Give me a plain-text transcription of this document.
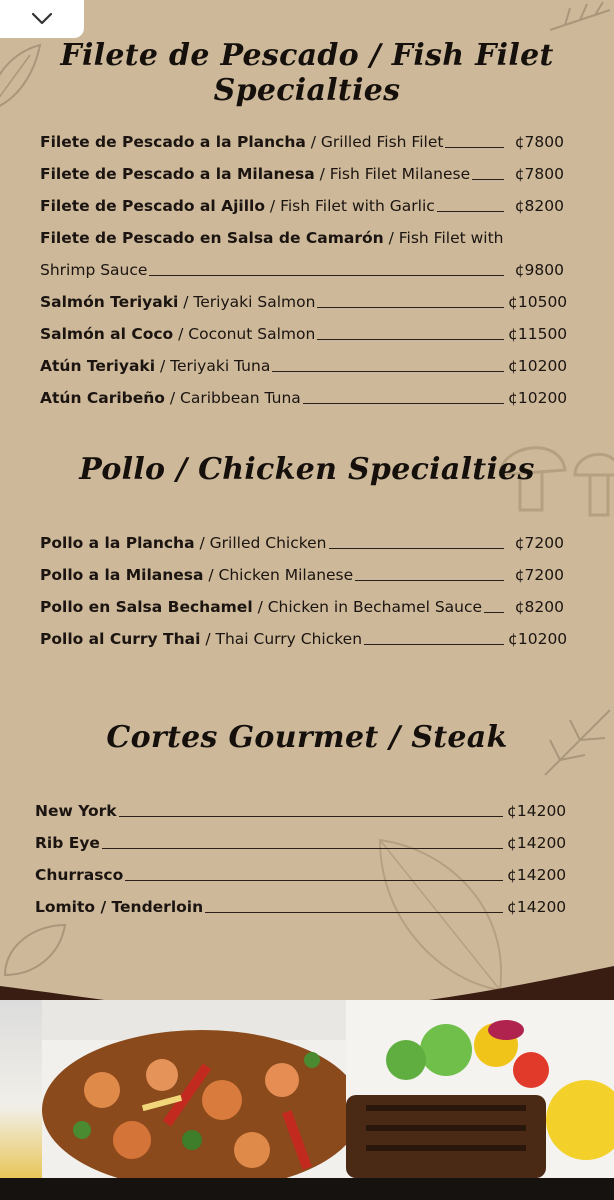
Filete de Pescado / Fish Filet Specialties
Filete de Pescado a la Plancha / Grilled Fish Filet	¢7800
Filete de Pescado a la Milanesa / Fish Filet Milanese	¢7800
Filete de Pescado al Ajillo / Fish Filet with Garlic	¢8200
Filete de Pescado en Salsa de Camarón / Fish Filet with
Shrimp Sauce	¢9800
Salmón Teriyaki / Teriyaki Salmon	¢10500
Salmón al Coco / Coconut Salmon	¢11500
Atún Teriyaki / Teriyaki Tuna	¢10200
Atún Caribeño / Caribbean Tuna	¢10200
Pollo / Chicken Specialties
Pollo a la Plancha / Grilled Chicken	¢7200
Pollo a la Milanesa / Chicken Milanese	¢7200
Pollo en Salsa Bechamel / Chicken in Bechamel Sauce	¢8200
Pollo al Curry Thai / Thai Curry Chicken	¢10200
Cortes Gourmet / Steak
New York	¢14200
Rib Eye	¢14200
Churrasco	¢14200
Lomito / Tenderloin	¢14200
